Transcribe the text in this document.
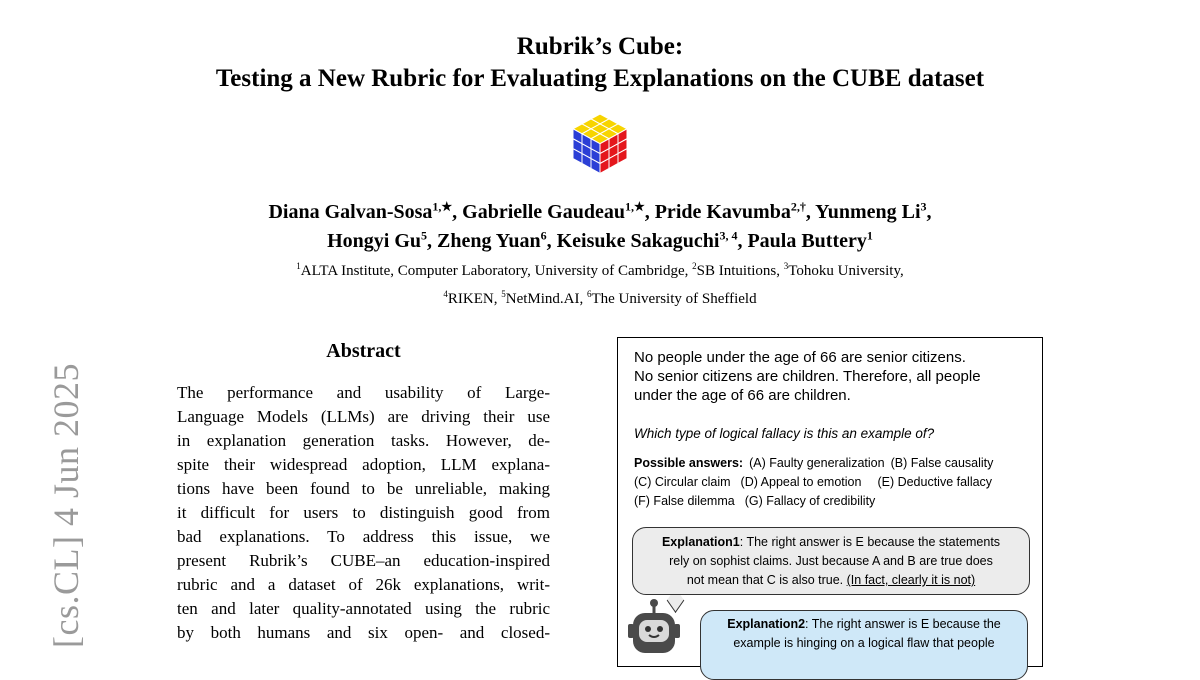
Rubrik’s Cube:
Testing a New Rubric for Evaluating Explanations on the CUBE dataset
Diana Galvan-Sosa$^{1,★}$, Gabrielle Gaudeau$^{1,★}$, Pride Kavumba$^{2,\dagger}$, Yunmeng Li$^3$,
Hongyi Gu$^5$, Zheng Yuan$^6$, Keisuke Sakaguchi$^{3, 4}$, Paula Buttery$^1$
$^1$ALTA Institute, Computer Laboratory, University of Cambridge, $^2$SB Intuitions, $^3$Tohoku University,
$^4$RIKEN, $^5$NetMind.AI, $^6$The University of Sheffield
[cs.CL] 4 Jun 2025
Abstract
The performance and usability of Large-
Language Models (LLMs) are driving their use
in explanation generation tasks. However, de-
spite their widespread adoption, LLM explana-
tions have been found to be unreliable, making
it difficult for users to distinguish good from
bad explanations. To address this issue, we
present Rubrik’s CUBE–an education-inspired
rubric and a dataset of 26k explanations, writ-
ten and later quality-annotated using the rubric
by both humans and six open- and closed-
No people under the age of 66 are senior citizens.
No senior citizens are children. Therefore, all people
under the age of 66 are children.
Which type of logical fallacy is this an example of?
Possible answers: (A) Faulty generalization (B) False causality
(C) Circular claim (D) Appeal to emotion (E) Deductive fallacy
(F) False dilemma (G) Fallacy of credibility
Explanation1: The right answer is E because the statements
rely on sophist claims. Just because A and B are true does
not mean that C is also true. (In fact, clearly it is not)
Explanation2: The right answer is E because the
example is hinging on a logical flaw that people
